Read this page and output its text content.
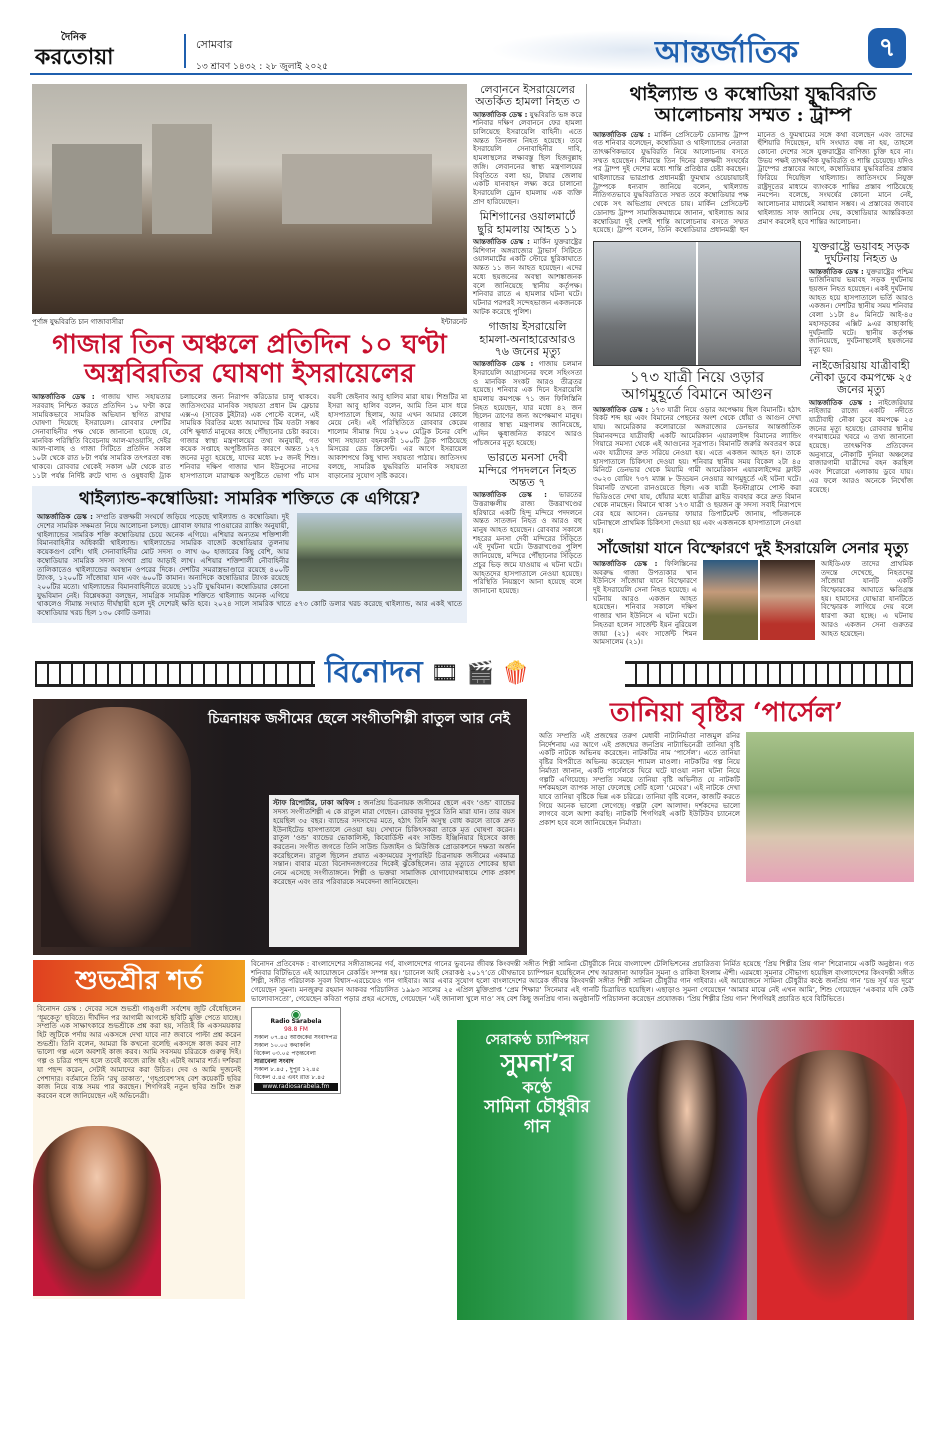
দৈনিক
করতোয়া
সোমবার
১৩ শ্রাবণ ১৪৩২ : ২৮ জুলাই ২০২৫	আন্তর্জাতিক	৭
পূর্ণাঙ্গ যুদ্ধবিরতি চান গাজাবাসীরা	ইন্টারনেট
গাজার তিন অঞ্চলে প্রতিদিন ১০ ঘণ্টা
অস্ত্রবিরতির ঘোষণা ইসরায়েলের
আন্তর্জাতিক ডেস্ক : গাজায় খাদ্য সহায়তার সরবরাহ নিশ্চিত করতে প্রতিদিন ১০ ঘণ্টা করে সাময়িকভাবে সামরিক অভিযান স্থগিত রাখার ঘোষণা দিয়েছে ইসরায়েল। রোববার দেশটির সেনাবাহিনীর পক্ষ থেকে জানানো হয়েছে যে, মানবিক পরিস্থিতি বিবেচনায় আল-মাওয়াসি, দেইর আল-বালাহ ও গাজা সিটিতে প্রতিদিন সকাল ১০টা থেকে রাত ৮টা পর্যন্ত সামরিক তৎপরতা বন্ধ থাকবে। রোববার থেকেই সকাল ৬টা থেকে রাত ১১টা পর্যন্ত নির্দিষ্ট রুটে খাদ্য ও ওষুধবাহী ট্রাক চলাচলের জন্য নিরাপদ করিডোর চালু থাকবে। জাতিসংঘের মানবিক সহায়তা প্রধান টম ফ্লেচার এক্স-এ (সাবেক টুইটার) এক পোস্টে বলেন, এই সাময়িক বিরতির মধ্যে আমাদের টিম যতটা সম্ভব বেশি ক্ষুধার্ত মানুষের কাছে পৌঁছানোর চেষ্টা করবে। গাজার স্বাস্থ্য মন্ত্রণালয়ের তথ্য অনুযায়ী, গত কয়েক সপ্তাহে অপুষ্টিজনিত কারণে অন্তত ১২৭ জনের মৃত্যু হয়েছে, যাদের মধ্যে ৮৫ জনই শিশু। শনিবার দক্ষিণ গাজার খান ইউনুসের নাসের হাসপাতালে মারাত্মক অপুষ্টিতে ভোগা পাঁচ মাস বয়সী জেইনাব আবু হালিব মারা যায়। শিশুটির মা ইসরা আবু হালিব বলেন, আমি তিন মাস ধরে হাসপাতালে ছিলাম, আর এখন আমার কোলে মেয়ে নেই। এই পরিস্থিতিতে রোববার কেরেম শালোম সীমান্ত দিয়ে ১২০০ মেট্রিক টনের বেশি খাদ্য সহায়তা বহনকারী ১০০টি ট্রাক পাঠিয়েছে মিসরের রেড ক্রিসেন্ট। এর আগে ইসরায়েল আকাশপথে কিছু খাদ্য সহায়তা পাঠায়। জাতিসংঘ বলছে, সামরিক যুদ্ধবিরতি মানবিক সহায়তা বাড়ানোর সুযোগ সৃষ্টি করবে।
থাইল্যান্ড-কম্বোডিয়া: সামরিক শক্তিতে কে এগিয়ে?
আন্তর্জাতিক ডেস্ক : সম্প্রতি রক্তক্ষয়ী সংঘর্ষে জড়িয়ে পড়েছে থাইল্যান্ড ও কম্বোডিয়া। দুই দেশের সামরিক সক্ষমতা নিয়ে আলোচনা চলছে। গ্লোবাল ফায়ার পাওয়ারের র‍্যাঙ্কিং অনুযায়ী, থাইল্যান্ডের সামরিক শক্তি কম্বোডিয়ার চেয়ে অনেক এগিয়ে। এশিয়ার অন্যতম শক্তিশালী বিমানবাহিনীর অধিকারী থাইল্যান্ড। থাইল্যান্ডের সামরিক বাজেট কম্বোডিয়ার তুলনায় কয়েকগুণ বেশি। থাই সেনাবাহিনীর মোট সদস্য ৩ লাখ ৬০ হাজারের কিছু বেশি, আর কম্বোডিয়ার সামরিক সদস্য সংখ্যা প্রায় আড়াই লাখ। এশিয়ার শক্তিশালী নৌবাহিনীর তালিকাতেও থাইল্যান্ডের অবস্থান ওপরের দিকে। দেশটির সমরাস্ত্রভাণ্ডারে রয়েছে ৪০০টি ট্যাংক, ১২০০টি সাঁজোয়া যান এবং ৬০০টি কামান। অন্যদিকে কম্বোডিয়ার ট্যাংক রয়েছে ২০০টির মতো। থাইল্যান্ডের বিমানবাহিনীতে রয়েছে ১১২টি যুদ্ধবিমান। কম্বোডিয়ার কোনো যুদ্ধবিমান নেই। বিশ্লেষকরা বলছেন, সামগ্রিক সামরিক শক্তিতে থাইল্যান্ড অনেক এগিয়ে থাকলেও সীমান্ত সংঘাত দীর্ঘস্থায়ী হলে দুই দেশেরই ক্ষতি হবে। ২০২৪ সালে সামরিক খাতে ৫৭৩ কোটি ডলার খরচ করেছে থাইল্যান্ড, আর একই খাতে কম্বোডিয়ার খরচ ছিল ১৩০ কোটি ডলার।
লেবাননে ইসরায়েলের অতর্কিত হামলা নিহত ৩
আন্তর্জাতিক ডেস্ক : যুদ্ধবিরতি ভঙ্গ করে শনিবার দক্ষিণ লেবাননে ফের হামলা চালিয়েছে ইসরায়েলি বাহিনী। এতে অন্তত তিনজন নিহত হয়েছে। তবে ইসরায়েলি সেনাবাহিনীর দাবি, হামলাস্থলের লক্ষ্যবস্তু ছিল হিজবুল্লাহ জঙ্গি। লেবাননের স্বাস্থ্য মন্ত্রণালয়ের বিবৃতিতে বলা হয়, টায়ার জেলায় একটি যানবাহন লক্ষ্য করে চালানো ইসরায়েলি ড্রোন হামলায় এক ব্যক্তি প্রাণ হারিয়েছেন।
মিশিগানের ওয়ালমার্টে ছুরি হামলায় আহত ১১
আন্তর্জাতিক ডেস্ক : মার্কিন যুক্তরাষ্ট্রের মিশিগান অঙ্গরাজ্যের ট্রাভার্স সিটিতে ওয়ালমার্টের একটি স্টোরে ছুরিকাঘাতে অন্তত ১১ জন আহত হয়েছেন। এদের মধ্যে ছয়জনের অবস্থা আশঙ্কাজনক বলে জানিয়েছে স্থানীয় কর্তৃপক্ষ। শনিবার রাতে এ হামলার ঘটনা ঘটে। ঘটনার পরপরই সন্দেহভাজন একজনকে আটক করেছে পুলিশ।
গাজায় ইসরায়েলি হামলা-অনাহারেআরও ৭৬ জনের মৃত্যু
আন্তর্জাতিক ডেস্ক : গাজায় চলমান ইসরায়েলি আগ্রাসনের ফলে সহিংসতা ও মানবিক সংকট আরও তীব্রতর হয়েছে। শনিবার এক দিনে ইসরায়েলি হামলায় কমপক্ষে ৭১ জন ফিলিস্তিনি নিহত হয়েছেন, যার মধ্যে ৪২ জন ছিলেন ত্রাণের জন্য অপেক্ষমাণ মানুষ। গাজার স্বাস্থ্য মন্ত্রণালয় জানিয়েছে, এদিন ক্ষুধাজনিত কারণে আরও পাঁচজনের মৃত্যু হয়েছে।
ভারতে মনসা দেবী মন্দিরে পদদলনে নিহত অন্তত ৭
আন্তর্জাতিক ডেস্ক : ভারতের উত্তরাঞ্চলীয় রাজ্য উত্তরাখণ্ডের হরিদ্বারে একটি হিন্দু মন্দিরে পদদলনে অন্তত সাতজন নিহত ও আরও বহু মানুষ আহত হয়েছেন। রোববার সকালে শহরের মনসা দেবী মন্দিরের সিঁড়িতে এই দুর্ঘটনা ঘটে। উত্তরাখণ্ডের পুলিশ জানিয়েছে, মন্দিরে পৌঁছানোর সিঁড়িতে প্রচুর ভিড় জমে যাওয়ায় এ ঘটনা ঘটে। আহতদের হাসপাতালে নেওয়া হয়েছে। পরিস্থিতি নিয়ন্ত্রণে আনা হয়েছে বলে জানানো হয়েছে।
থাইল্যান্ড ও কম্বোডিয়া যুদ্ধবিরতি
আলোচনায় সম্মত : ট্রাম্প
আন্তর্জাতিক ডেস্ক : মার্কিন প্রেসিডেন্ট ডোনাল্ড ট্রাম্প গত শনিবার বলেছেন, কম্বোডিয়া ও থাইল্যান্ডের নেতারা তাৎক্ষণিকভাবে যুদ্ধবিরতি নিয়ে আলোচনায় বসতে সম্মত হয়েছেন। সীমান্তে তিন দিনের রক্তক্ষয়ী সংঘর্ষের পর ট্রাম্প দুই দেশের মধ্যে শান্তি প্রতিষ্ঠার চেষ্টা করছেন। থাইল্যান্ডের ভারপ্রাপ্ত প্রধানমন্ত্রী ফুমথাম ওয়েচায়াচাই ট্রাম্পকে ধন্যবাদ জানিয়ে বলেন, থাইল্যান্ড নীতিগতভাবে যুদ্ধবিরতিতে সম্মত তবে কম্বোডিয়ার পক্ষ থেকে সৎ অভিপ্রায় দেখতে চায়। মার্কিন প্রেসিডেন্ট ডোনাল্ড ট্রাম্প সামাজিকমাধ্যমে জানান, থাইল্যান্ড আর কম্বোডিয়া দুই দেশই শান্তি আলোচনায় বসতে সম্মত হয়েছে। ট্রাম্প বলেন, তিনি কম্বোডিয়ার প্রধানমন্ত্রী হুন মানেত ও ফুমথামের সঙ্গে কথা বলেছেন এবং তাদের হুঁশিয়ারি দিয়েছেন, যদি সংঘাত বন্ধ না হয়, তাহলে কোনো দেশের সঙ্গে যুক্তরাষ্ট্রের বাণিজ্য চুক্তি হবে না। উভয় পক্ষই তাৎক্ষণিক যুদ্ধবিরতি ও শান্তি চেয়েছে। যদিও ট্রাম্পের প্রস্তাবের আগে, কম্বোডিয়ার যুদ্ধবিরতির প্রস্তাব ফিরিয়ে দিয়েছিল থাইল্যান্ড। জাতিসংঘে নিযুক্ত রাষ্ট্রদূতের মাধ্যমে ব্যাংককে শান্তির প্রস্তাব পাঠিয়েছে নমপেন। বলেছে, সংঘর্ষের কোনো মানে নেই, আলোচনার মাধ্যমেই সমাধান সম্ভব। এ প্রস্তাবের জবাবে থাইল্যান্ড সাফ জানিয়ে দেয়, কম্বোডিয়ার আন্তরিকতা প্রমাণ করলেই হবে শান্তির আলোচনা।
১৭৩ যাত্রী নিয়ে ওড়ার
আগমুহূর্তে বিমানে আগুন
আন্তর্জাতিক ডেস্ক : ১৭৩ যাত্রী নিয়ে ওড়ার অপেক্ষায় ছিল বিমানটি। হঠাৎ বিকট শব্দ হয় এবং বিমানের পেছনের অংশ থেকে ধোঁয়া ও আগুন দেখা যায়। আমেরিকার কলোরাডো অঙ্গরাজ্যের ডেনভার আন্তর্জাতিক বিমানবন্দরে যাত্রীবাহী একটি আমেরিকান এয়ারলাইন্স বিমানের ল্যান্ডিং গিয়ারে সমস্যা থেকে এই আগুনের সূত্রপাত। বিমানটি জরুরি অবতরণ করে এবং যাত্রীদের দ্রুত সরিয়ে নেওয়া হয়। এতে একজন আহত হন। তাকে হাসপাতালে চিকিৎসা দেওয়া হয়। শনিবার স্থানীয় সময় বিকেল ২টা ৪৫ মিনিটে ডেনভার থেকে মিয়ামি গামী আমেরিকান এয়ারলাইন্সের ফ্লাইট ৩০২৩ বোয়িং ৭৩৭ ম্যাক্স ৮ উড্ডয়ন নেওয়ার আগমুহূর্তে এই ঘটনা ঘটে। বিমানটি তখনো রানওয়েতে ছিল। এক যাত্রী ইনস্টাগ্রামে পোস্ট করা ভিডিওতে দেখা যায়, ধোঁয়ার মধ্যে যাত্রীরা স্লাইড ব্যবহার করে দ্রুত বিমান থেকে নামছেন। বিমানে থাকা ১৭৩ যাত্রী ও ছয়জন ক্রু সদস্য সবাই নিরাপদে বের হয়ে আসেন। ডেনভার ফায়ার ডিপার্টমেন্ট জানায়, পাঁচজনকে ঘটনাস্থলে প্রাথমিক চিকিৎসা দেওয়া হয় এবং একজনকে হাসপাতালে নেওয়া হয়।
যুক্তরাষ্ট্রে ভয়াবহ সড়ক দুর্ঘটনায় নিহত ৬
আন্তর্জাতিক ডেস্ক : যুক্তরাষ্ট্রের পশ্চিম ভার্জিনিয়ায় ভয়াবহ সড়ক দুর্ঘটনায় ছয়জন নিহত হয়েছেন। একই দুর্ঘটনায় আহত হয়ে হাসপাতালে ভর্তি আরও একজন। দেশটির স্থানীয় সময় শনিবার বেলা ১১টা ৪০ মিনিটে আই-৪৫ মহাসড়কের এক্সিট ৯এর কাছাকাছি দুর্ঘটনাটি ঘটে। স্থানীয় কর্তৃপক্ষ জানিয়েছে, দুর্ঘটনাস্থলেই ছয়জনের মৃত্যু হয়।
নাইজেরিয়ায় যাত্রীবাহী নৌকা ডুবে কমপক্ষে ২৫ জনের মৃত্যু
আন্তর্জাতিক ডেস্ক : নাইজেরিয়ার নাইজার রাজ্যে একটি নদীতে যাত্রীবাহী নৌকা ডুবে কমপক্ষে ২৫ জনের মৃত্যু হয়েছে। রোববার স্থানীয় গণমাধ্যমের খবরে এ তথ্য জানানো হয়েছে। তাৎক্ষণিক প্রতিবেদন অনুসারে, নৌকাটি দুনিয়া অঞ্চলের বাজারগামী যাত্রীদের বহন করছিল এবং শিরোরো এলাকায় ডুবে যায়। এর ফলে আরও অনেকে নিখোঁজ রয়েছে।
সাঁজোয়া যানে বিস্ফোরণে দুই ইসরায়েলি সেনার মৃত্যু
আন্তর্জাতিক ডেস্ক : ফিলিস্তিনের অবরুদ্ধ গাজা উপত্যকার খান ইউনিসে সাঁজোয়া যানে বিস্ফোরণে দুই ইসরায়েলি সেনা নিহত হয়েছে। এ ঘটনায় আরও একজন আহত হয়েছেন। শনিবার সকালে দক্ষিণ গাজার খান ইউনিসে এ ঘটনা ঘটে। নিহতরা হলেন সার্জেন্ট ইয়ন নুরিয়েল জায়া (২১) এবং সার্জেন্ট শিমন আমসালেম (২১)।
আইডিএফ তাদের প্রাথমিক তদন্তে দেখেছে, নিহতদের সাঁজোয়া যানটি একটি বিস্ফোরকের আঘাতে ক্ষতিগ্রস্ত হয়। হামাসের যোদ্ধারা যানটিতে বিস্ফোরক লাগিয়ে দেয় বলে ধারণা করা হচ্ছে। এ ঘটনায় আরও একজন সেনা গুরুতর আহত হয়েছেন।
বিনোদন 🎞 🎬 🍿
চিত্রনায়ক জসীমের ছেলে সংগীতশিল্পী রাতুল আর নেই
স্টাফ রিপোর্টার, ঢাকা অফিস : জনপ্রিয় চিত্রনায়ক জসীমের ছেলে এবং ‘ওন্ড’ ব্যান্ডের সদস্য সংগীতশিল্পী এ কে রাতুল মারা গেছেন। রোববার দুপুরে তিনি মারা যান। তার বয়স হয়েছিল ৩৫ বছর। ব্যান্ডের সদস্যদের মতে, হঠাৎ তিনি অসুস্থ বোধ করলে তাকে দ্রুত ইউনাইটেড হাসপাতালে নেওয়া হয়। সেখানে চিকিৎসকরা তাকে মৃত ঘোষণা করেন। রাতুল ‘ওন্ড’ ব্যান্ডের ভোকালিস্ট, কিবোর্ডিস্ট এবং সাউন্ড ইঞ্জিনিয়ার হিসেবে কাজ করতেন। সংগীত জগতে তিনি সাউন্ড ডিজাইন ও মিউজিক প্রোডাকশনে দক্ষতা অর্জন করেছিলেন। রাতুল ছিলেন প্রয়াত একসময়ের সুপারহিট চিত্রনায়ক জসীমের একমাত্র সন্তান। বাবার মতো বিনোদনজগতের দিকেই ঝুঁকেছিলেন। তার মৃত্যুতে শোকের ছায়া নেমে এসেছে সংগীতাঙ্গনে। শিল্পী ও ভক্তরা সামাজিক যোগাযোগমাধ্যমে শোক প্রকাশ করেছেন এবং তার পরিবারকে সমবেদনা জানিয়েছেন।
তানিয়া বৃষ্টির ‘পার্সেল’
অতি সম্প্রতি এই প্রজন্মের তরুণ মেধাবী নাট্যনির্মাতা নাজমুল রনির নির্দেশনায় এর আগে এই প্রজন্মের জনপ্রিয় নাট্যাভিনেত্রী তানিয়া বৃষ্টি একটি নাটকে অভিনয় করেছেন। নাটকটির নাম ‘পার্সেল’। এতে তানিয়া বৃষ্টির বিপরীতে অভিনয় করেছেন শ্যামল মাওলা। নাটকটির গল্প নিয়ে নির্মাতা জানান, একটি পার্সেলকে ঘিরে ঘটে যাওয়া নানা ঘটনা নিয়ে গল্পটি এগিয়েছে। সম্প্রতি সময়ে তানিয়া বৃষ্টি অভিনীত যে নাটকটি দর্শকমহলে ব্যাপক সাড়া ফেলেছে সেটি হলো ‘মেঘের’। এই নাটকে দেখা যাবে তানিয়া বৃষ্টিকে ভিন্ন এক চরিত্রে। তানিয়া বৃষ্টি বলেন, কাজটি করতে গিয়ে অনেক ভালো লেগেছে। গল্পটা বেশ আলাদা। দর্শকদের ভালো লাগবে বলে আশা করছি। নাটকটি শিগগিরই একটি ইউটিউব চ্যানেলে প্রকাশ হবে বলে জানিয়েছেন নির্মাতা।
শুভশ্রীর শর্ত
বিনোদন ডেস্ক : দেবের সঙ্গে শুভশ্রী গাঙ্গুলী সর্বশেষ জুটি বেঁধেছিলেন ‘ধূমকেতু’ ছবিতে। দীর্ঘদিন পর আগামী আগস্টে ছবিটি মুক্তি পেতে যাচ্ছে। সম্প্রতি এক সাক্ষাৎকারে শুভশ্রীকে প্রশ্ন করা হয়, সত্যিই কি একসময়কার হিট জুটিকে পর্দায় আর একসঙ্গে দেখা যাবে না? জবাবে পাল্টা প্রশ্ন করেন শুভশ্রী। তিনি বলেন, আমরা কি কখনো বলেছি একসঙ্গে কাজ করব না? ভালো গল্প এলে অবশ্যই কাজ করব। আমি সবসময় চরিত্রকে গুরুত্ব দিই। গল্প ও চরিত্র পছন্দ হলে তবেই কাজে রাজি হই। এটাই আমার শর্ত। দর্শকরা যা পছন্দ করেন, সেটাই আমাদের করা উচিত। দেব ও আমি দুজনেই পেশাদার। বর্তমানে তিনি ‘রঘু ডাকাত’, ‘গৃহপ্রবেশ’সহ বেশ কয়েকটি ছবির কাজ নিয়ে ব্যস্ত সময় পার করছেন। শিগগিরই নতুন ছবির শুটিং শুরু করবেন বলে জানিয়েছেন এই অভিনেত্রী।
সেরাকণ্ঠ চ্যাম্পিয়ন
সুমনা’র
কণ্ঠে
সামিনা চৌধুরীর
গান
বিনোদন প্রতিবেদক : বাংলাদেশের সঙ্গীতাঙ্গনের গর্ব, বাংলাদেশের গানের ভুবনের জীবন্ত কিংবদন্তী সঙ্গীত শিল্পী সামিনা চৌধুরীকে নিয়ে বাংলাদেশ টেলিভিশনের প্রচারিতব্য নির্মিত হয়েছে ‘প্রিয় শিল্পীর প্রিয় গান’ শিরোনামে একটি অনুষ্ঠান। গত শনিবার বিটিভিতে এই আয়োজনে রেকর্ডিং সম্পন্ন হয়। ‘চ্যানেল আই সেরাকণ্ঠ ২০১৭’তে যৌথভাবে চ্যাম্পিয়ন হয়েছিলেন শেখ আরজানা আফরিন সুমনা ও রাকিবা ইসলাম ঐশী। এরমধ্যে সুমনার সৌভাগ্য হয়েছিল বাংলাদেশের কিংবদন্তী সঙ্গীত শিল্পী, সঙ্গীত পরিচালক সুবল বিশ্বাস-এরচেয়েও গান গাইবার। আর এবার সুযোগ হলো বাংলাদেশের আরেক জীবন্ত কিংবদন্তী সঙ্গীত শিল্পী সামিনা চৌধুরীর গান গাইবার। এই আয়োজনে সামিনা চৌধুরীর কণ্ঠে জনপ্রিয় গান ‘চন্দ্র সূর্য যত দূরে’ গেয়েছেন সুমনা। মনজুরুর রহমান আকবর পরিচালিত ১৯৯৩ সালের ২৫ এপ্রিল মুক্তিপ্রাপ্ত ‘প্রেম শিক্ষার’ সিনেমার এই গানটি চিত্রায়িত হয়েছিল। এছাড়াও সুমনা গেয়েছেন ‘আমার মাঝে নেই এখন আমি’, শিশু গেয়েছেন ‘একবার যদি কেউ ভালোবাসতো’, গেয়েছেন কবিতা পড়ার প্রহর এসেছে, গেয়েছেন ‘এই জানালা খুলে দাও’ সহ বেশ কিছু জনপ্রিয় গান। অনুষ্ঠানটি পরিচালনা করেছেন প্রযোজক। ‘প্রিয় শিল্পীর প্রিয় গান’ শিগগিরই প্রচারিত হবে বিটিভিতে।
◉
Radio Sarabela
98.8 FM
সকাল ০৭.৪৫ আজকের সংবাদপত্র
সকাল ১০.০৫ কথাকলি
বিকেল ০৩.০৫ পড়ন্তবেলা
সারাবেলা সংবাদ
সকাল ৮.৪৫ , দুপুর ১২.৪৫
বিকেল ৫.৪৫ এবং রাত ৮.৪৫
www.radiosarabela.fm
